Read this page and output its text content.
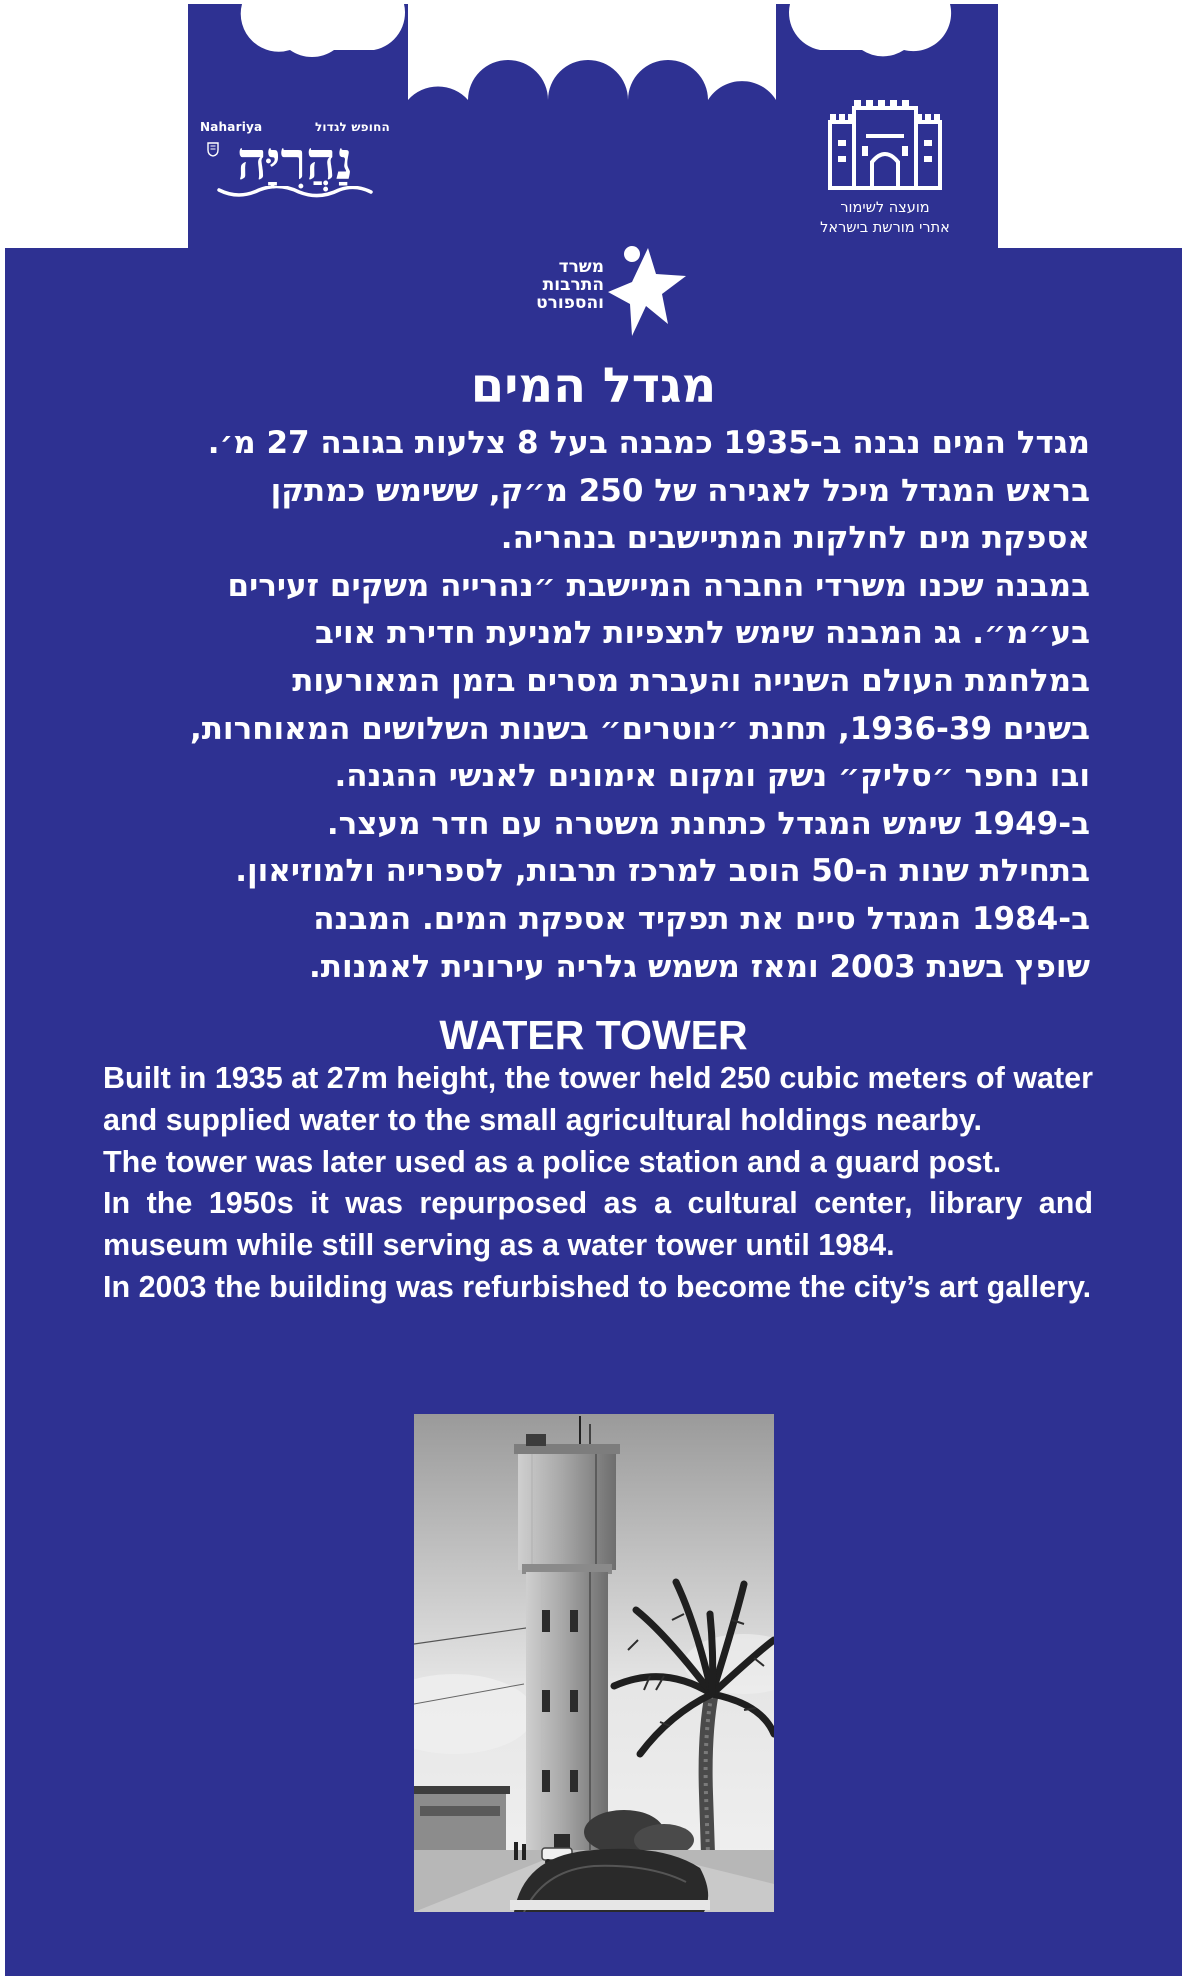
Nahariya	החופש לגדול
נַהֲרִיָּה
מועצה לשימור
אתרי מורשת בישראל
משרד
התרבות
והספורט
מגדל המים
מגדל המים נבנה ב-1935 כמבנה בעל 8 צלעות בגובה 27 מ׳.
בראש המגדל מיכל לאגירה של 250 מ״ק, ששימש כמתקן
אספקת מים לחלקות המתיישבים בנהריה.
במבנה שכנו משרדי החברה המיישבת ״נהרייה משקים זעירים
בע״מ״. גג המבנה שימש לתצפיות למניעת חדירת אויב
במלחמת העולם השנייה והעברת מסרים בזמן המאורעות
בשנים 1936-39, תחנת ״נוטרים״ בשנות השלושים המאוחרות,
ובו נחפר ״סליק״ נשק ומקום אימונים לאנשי ההגנה.
ב-1949 שימש המגדל כתחנת משטרה עם חדר מעצר.
בתחילת שנות ה-50 הוסב למרכז תרבות, לספרייה ולמוזיאון.
ב-1984 המגדל סיים את תפקיד אספקת המים. המבנה
שופץ בשנת 2003 ומאז משמש גלריה עירונית לאמנות.
WATER TOWER

Built in 1935 at 27m height, the tower held 250 cubic meters of water and supplied water to the small agricultural holdings nearby.

The tower was later used as a police station and a guard post.

In the 1950s it was repurposed as a cultural center, library and museum while still serving as a water tower until 1984.

In 2003 the building was refurbished to become the city’s art gallery.
